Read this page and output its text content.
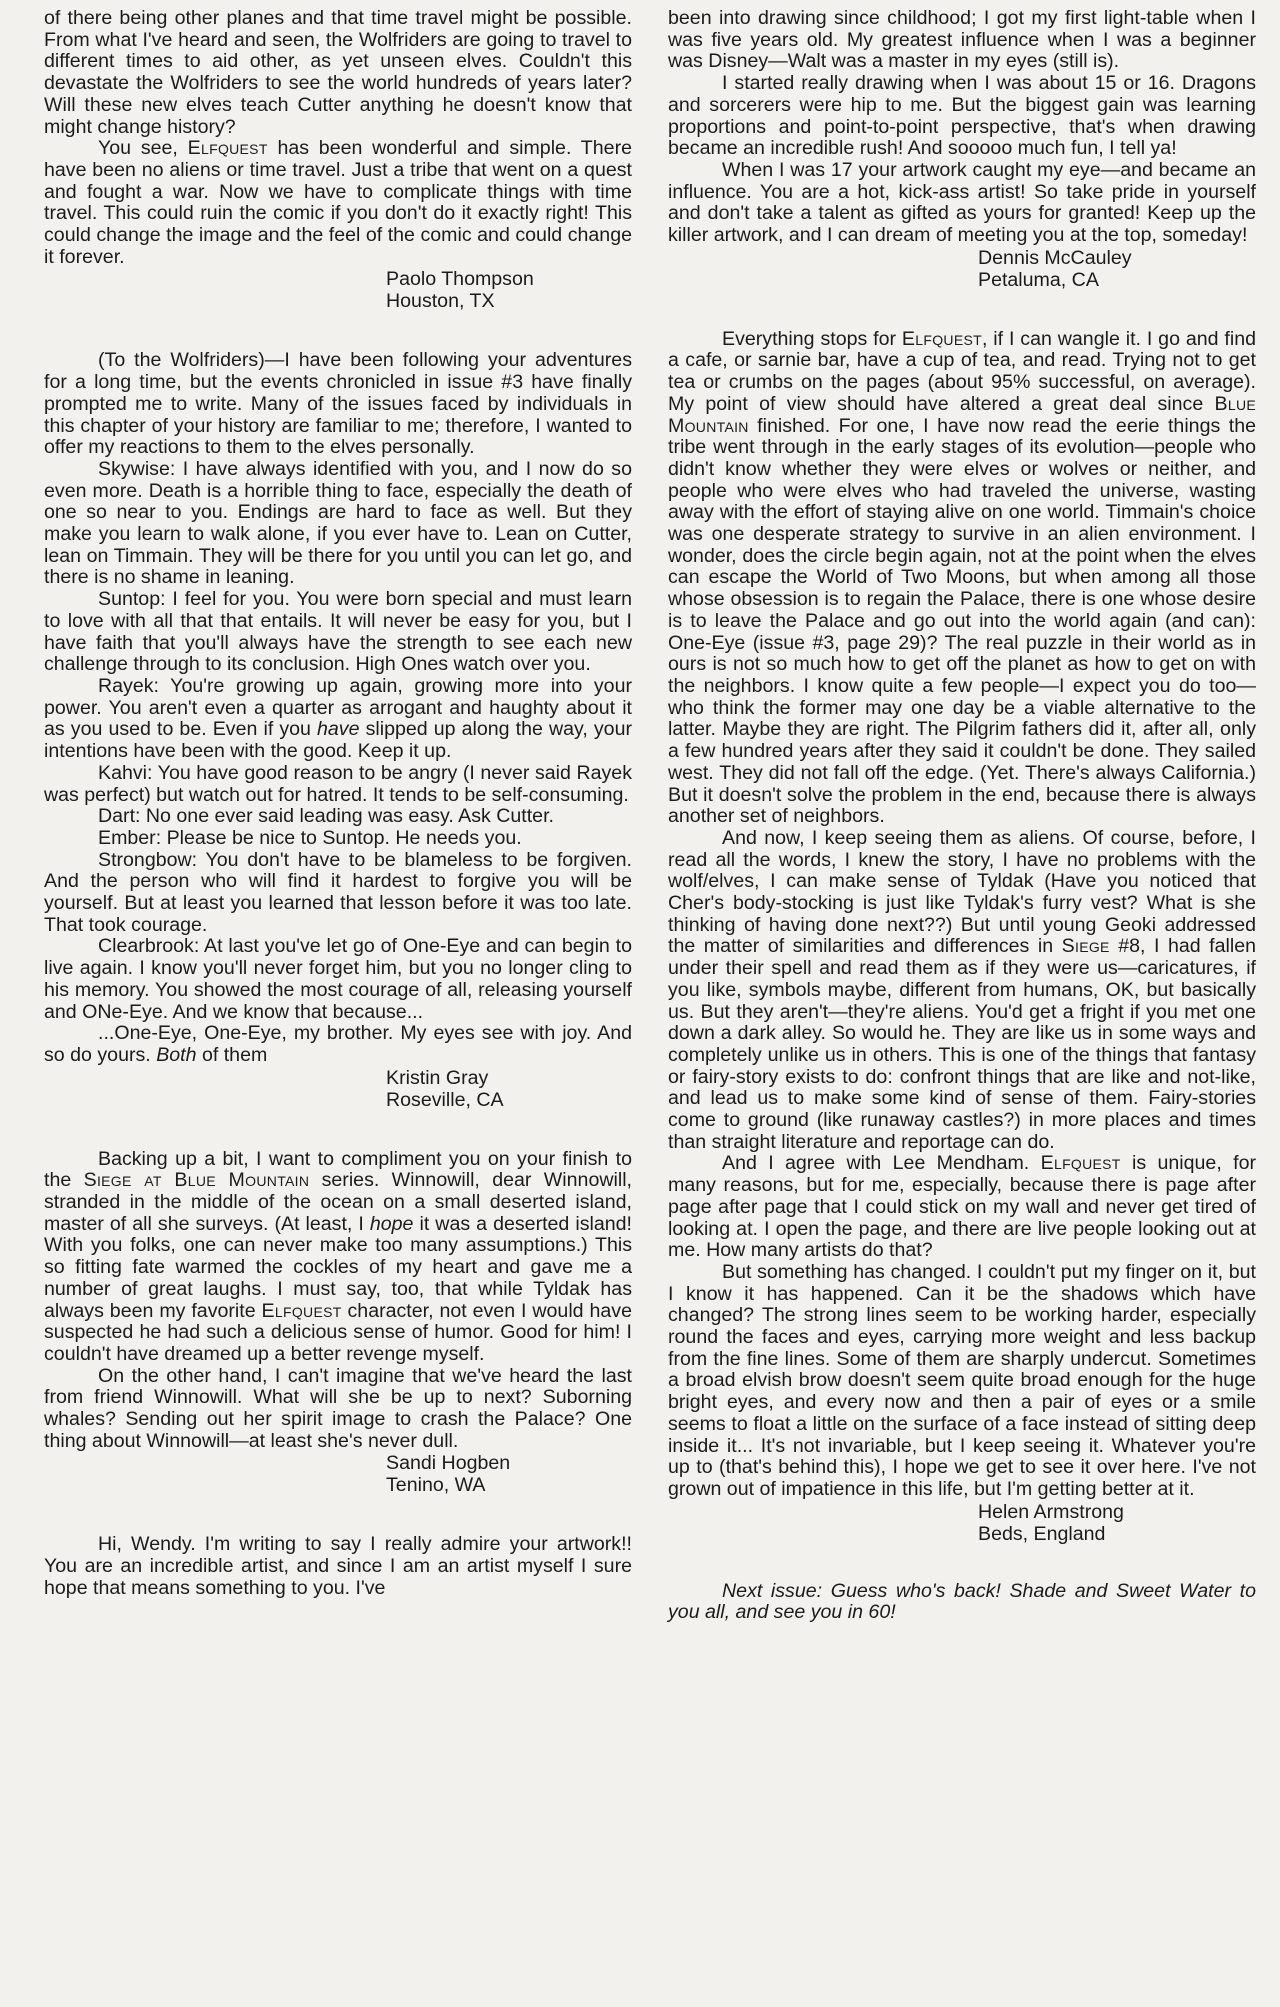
of there being other planes and that time travel might be possible. From what I've heard and seen, the Wolfriders are going to travel to different times to aid other, as yet unseen elves. Couldn't this devastate the Wolfriders to see the world hundreds of years later? Will these new elves teach Cutter anything he doesn't know that might change history?

You see, Elfquest has been wonderful and simple. There have been no aliens or time travel. Just a tribe that went on a quest and fought a war. Now we have to complicate things with time travel. This could ruin the comic if you don't do it exactly right! This could change the image and the feel of the comic and could change it forever.

Paolo Thompson

Houston, TX

(To the Wolfriders)—I have been following your adventures for a long time, but the events chronicled in issue #3 have finally prompted me to write. Many of the issues faced by individuals in this chapter of your history are familiar to me; therefore, I wanted to offer my reactions to them to the elves personally.

Skywise: I have always identified with you, and I now do so even more. Death is a horrible thing to face, especially the death of one so near to you. Endings are hard to face as well. But they make you learn to walk alone, if you ever have to. Lean on Cutter, lean on Timmain. They will be there for you until you can let go, and there is no shame in leaning.

Suntop: I feel for you. You were born special and must learn to love with all that that entails. It will never be easy for you, but I have faith that you'll always have the strength to see each new challenge through to its conclusion. High Ones watch over you.

Rayek: You're growing up again, growing more into your power. You aren't even a quarter as arrogant and haughty about it as you used to be. Even if you have slipped up along the way, your intentions have been with the good. Keep it up.

Kahvi: You have good reason to be angry (I never said Rayek was perfect) but watch out for hatred. It tends to be self-consuming.

Dart: No one ever said leading was easy. Ask Cutter.

Ember: Please be nice to Suntop. He needs you.

Strongbow: You don't have to be blameless to be forgiven. And the person who will find it hardest to forgive you will be yourself. But at least you learned that lesson before it was too late. That took courage.

Clearbrook: At last you've let go of One-Eye and can begin to live again. I know you'll never forget him, but you no longer cling to his memory. You showed the most courage of all, releasing yourself and ONe-Eye. And we know that because...

...One-Eye, One-Eye, my brother. My eyes see with joy. And so do yours. Both of them

Kristin Gray

Roseville, CA

Backing up a bit, I want to compliment you on your finish to the Siege at Blue Mountain series. Winnowill, dear Winnowill, stranded in the middle of the ocean on a small deserted island, master of all she surveys. (At least, I hope it was a deserted island! With you folks, one can never make too many assumptions.) This so fitting fate warmed the cockles of my heart and gave me a number of great laughs. I must say, too, that while Tyldak has always been my favorite Elfquest character, not even I would have suspected he had such a delicious sense of humor. Good for him! I couldn't have dreamed up a better revenge myself.

On the other hand, I can't imagine that we've heard the last from friend Winnowill. What will she be up to next? Suborning whales? Sending out her spirit image to crash the Palace? One thing about Winnowill—at least she's never dull.

Sandi Hogben

Tenino, WA

Hi, Wendy. I'm writing to say I really admire your artwork!! You are an incredible artist, and since I am an artist myself I sure hope that means something to you. I've

been into drawing since childhood; I got my first light-table when I was five years old. My greatest influence when I was a beginner was Disney—Walt was a master in my eyes (still is).

I started really drawing when I was about 15 or 16. Dragons and sorcerers were hip to me. But the biggest gain was learning proportions and point-to-point perspective, that's when drawing became an incredible rush! And sooooo much fun, I tell ya!

When I was 17 your artwork caught my eye—and became an influence. You are a hot, kick-ass artist! So take pride in yourself and don't take a talent as gifted as yours for granted! Keep up the killer artwork, and I can dream of meeting you at the top, someday!

Dennis McCauley

Petaluma, CA

Everything stops for Elfquest, if I can wangle it. I go and find a cafe, or sarnie bar, have a cup of tea, and read. Trying not to get tea or crumbs on the pages (about 95% successful, on average). My point of view should have altered a great deal since Blue Mountain finished. For one, I have now read the eerie things the tribe went through in the early stages of its evolution—people who didn't know whether they were elves or wolves or neither, and people who were elves who had traveled the universe, wasting away with the effort of staying alive on one world. Timmain's choice was one desperate strategy to survive in an alien environment. I wonder, does the circle begin again, not at the point when the elves can escape the World of Two Moons, but when among all those whose obsession is to regain the Palace, there is one whose desire is to leave the Palace and go out into the world again (and can): One-Eye (issue #3, page 29)? The real puzzle in their world as in ours is not so much how to get off the planet as how to get on with the neighbors. I know quite a few people—I expect you do too—who think the former may one day be a viable alternative to the latter. Maybe they are right. The Pilgrim fathers did it, after all, only a few hundred years after they said it couldn't be done. They sailed west. They did not fall off the edge. (Yet. There's always California.) But it doesn't solve the problem in the end, because there is always another set of neighbors.

And now, I keep seeing them as aliens. Of course, before, I read all the words, I knew the story, I have no problems with the wolf/elves, I can make sense of Tyldak (Have you noticed that Cher's body-stocking is just like Tyldak's furry vest? What is she thinking of having done next??) But until young Geoki addressed the matter of similarities and differences in Siege #8, I had fallen under their spell and read them as if they were us—caricatures, if you like, symbols maybe, different from humans, OK, but basically us. But they aren't—they're aliens. You'd get a fright if you met one down a dark alley. So would he. They are like us in some ways and completely unlike us in others. This is one of the things that fantasy or fairy-story exists to do: confront things that are like and not-like, and lead us to make some kind of sense of them. Fairy-stories come to ground (like runaway castles?) in more places and times than straight literature and reportage can do.

And I agree with Lee Mendham. Elfquest is unique, for many reasons, but for me, especially, because there is page after page after page that I could stick on my wall and never get tired of looking at. I open the page, and there are live people looking out at me. How many artists do that?

But something has changed. I couldn't put my finger on it, but I know it has happened. Can it be the shadows which have changed? The strong lines seem to be working harder, especially round the faces and eyes, carrying more weight and less backup from the fine lines. Some of them are sharply undercut. Sometimes a broad elvish brow doesn't seem quite broad enough for the huge bright eyes, and every now and then a pair of eyes or a smile seems to float a little on the surface of a face instead of sitting deep inside it... It's not invariable, but I keep seeing it. Whatever you're up to (that's behind this), I hope we get to see it over here. I've not grown out of impatience in this life, but I'm getting better at it.

Helen Armstrong

Beds, England

Next issue: Guess who's back! Shade and Sweet Water to you all, and see you in 60!
